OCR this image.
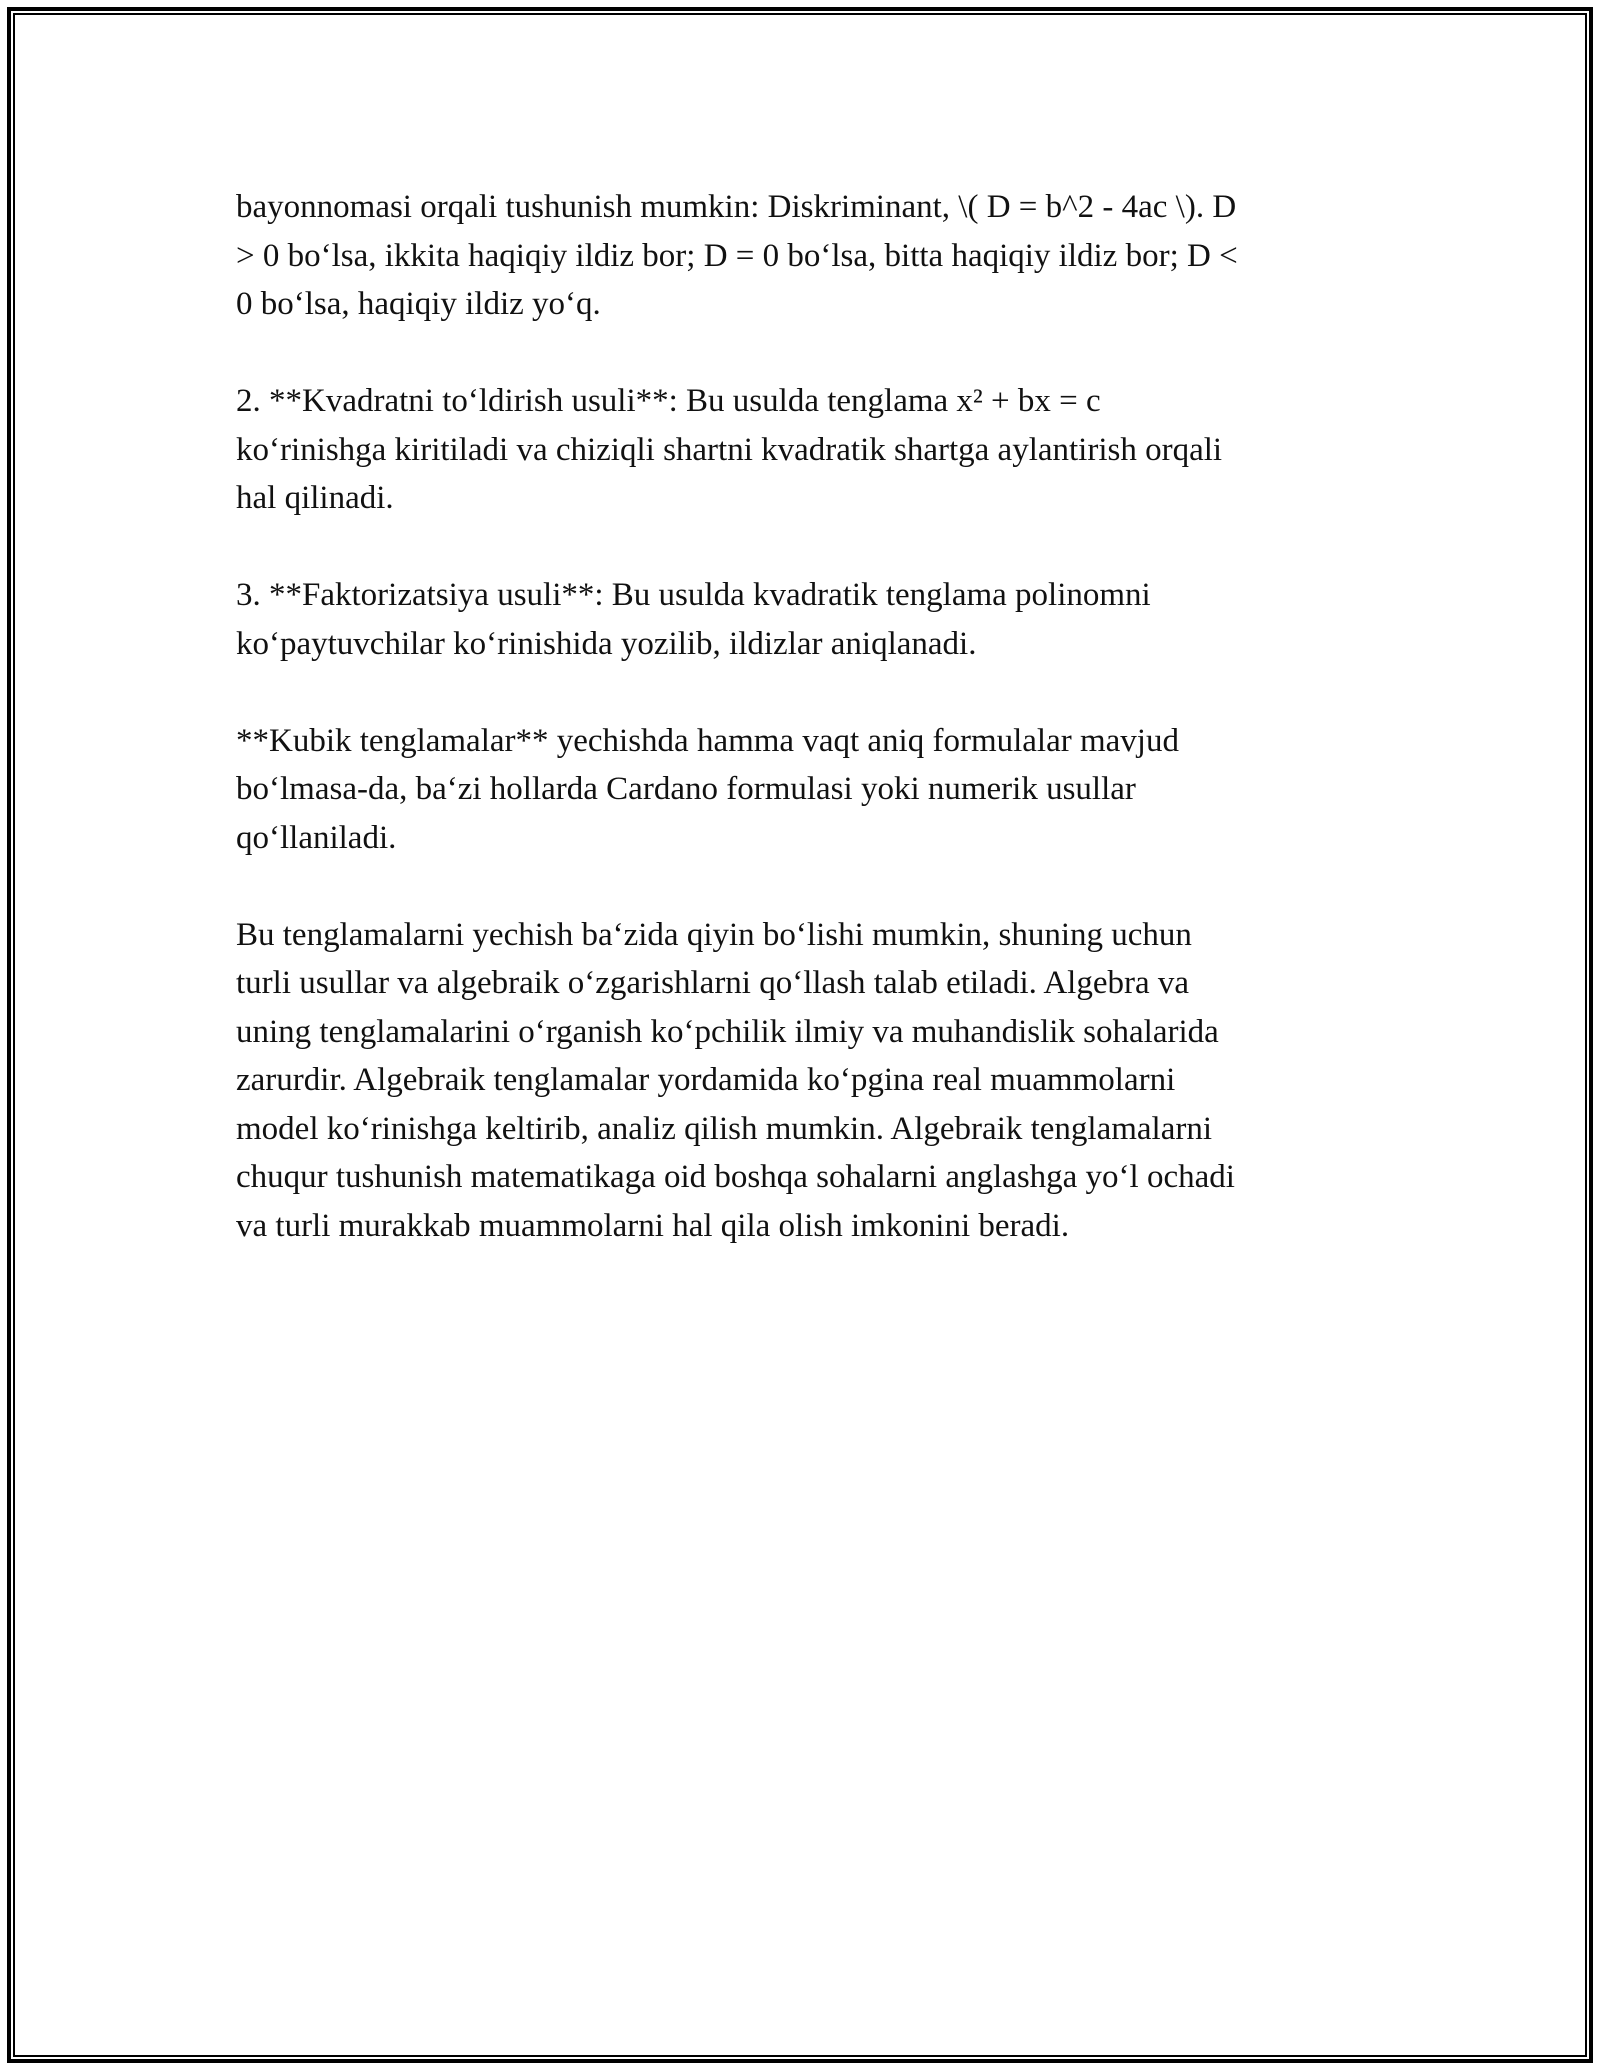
bayonnomasi orqali tushunish mumkin: Diskriminant, \( D = b^2 - 4ac \). D
> 0 bo‘lsa, ikkita haqiqiy ildiz bor; D = 0 bo‘lsa, bitta haqiqiy ildiz bor; D <
0 bo‘lsa, haqiqiy ildiz yo‘q.

2. **Kvadratni to‘ldirish usuli**: Bu usulda tenglama x² + bx = c
ko‘rinishga kiritiladi va chiziqli shartni kvadratik shartga aylantirish orqali
hal qilinadi.

3. **Faktorizatsiya usuli**: Bu usulda kvadratik tenglama polinomni
ko‘paytuvchilar ko‘rinishida yozilib, ildizlar aniqlanadi.

**Kubik tenglamalar** yechishda hamma vaqt aniq formulalar mavjud
bo‘lmasa-da, ba‘zi hollarda Cardano formulasi yoki numerik usullar
qo‘llaniladi.

Bu tenglamalarni yechish ba‘zida qiyin bo‘lishi mumkin, shuning uchun
turli usullar va algebraik o‘zgarishlarni qo‘llash talab etiladi. Algebra va
uning tenglamalarini o‘rganish ko‘pchilik ilmiy va muhandislik sohalarida
zarurdir. Algebraik tenglamalar yordamida ko‘pgina real muammolarni
model ko‘rinishga keltirib, analiz qilish mumkin. Algebraik tenglamalarni
chuqur tushunish matematikaga oid boshqa sohalarni anglashga yo‘l ochadi
va turli murakkab muammolarni hal qila olish imkonini beradi.
